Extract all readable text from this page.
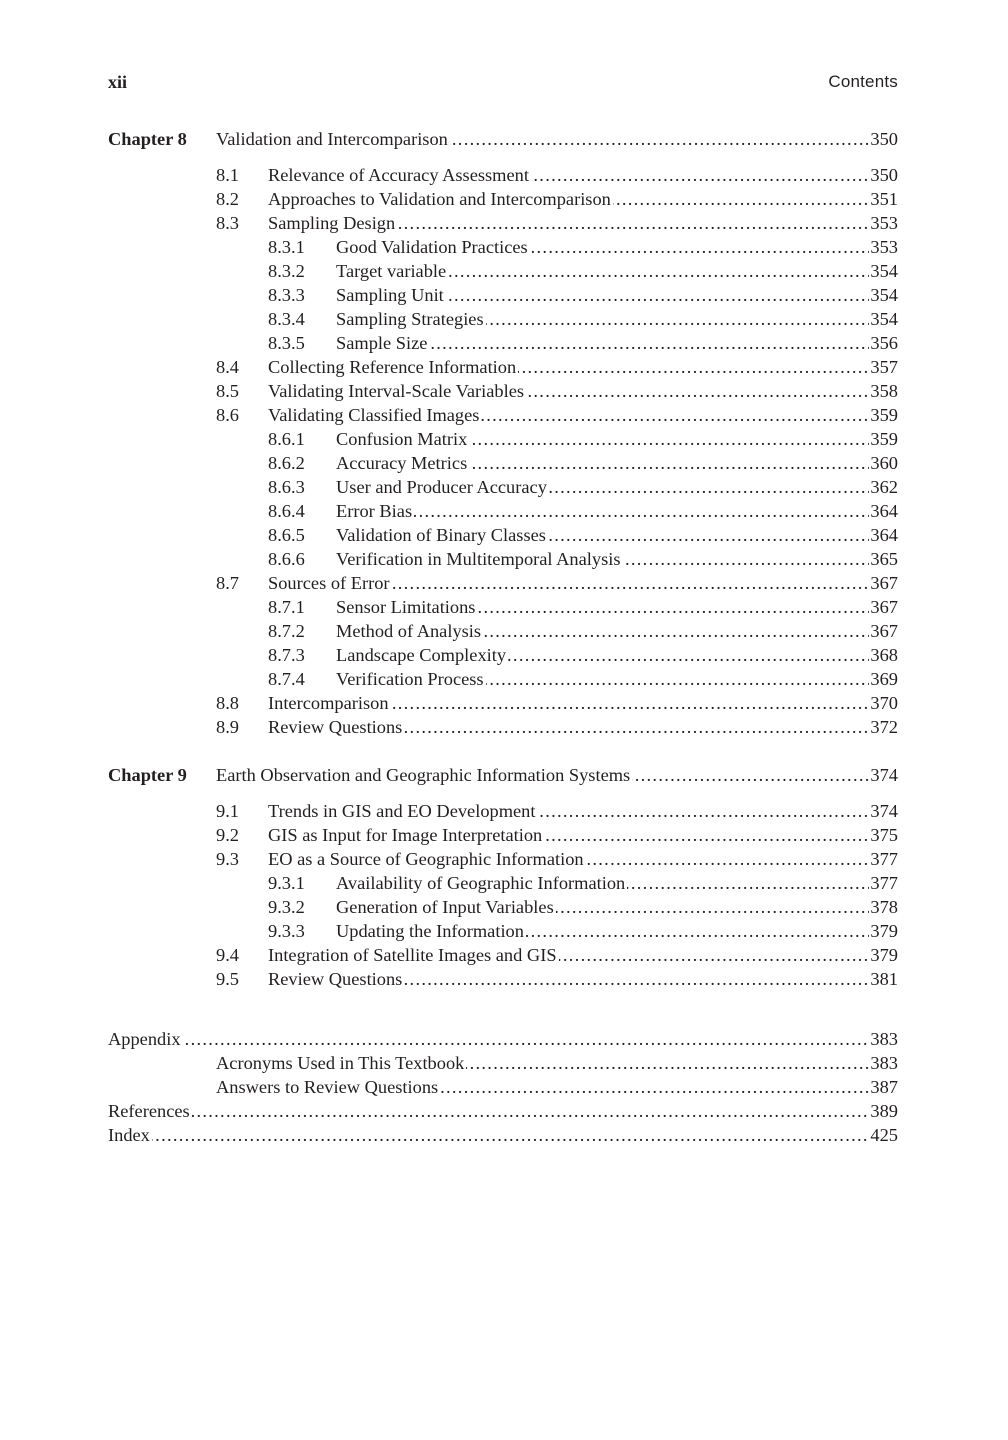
xii	Contents
Chapter 8 ..... Validation and Intercomparison	350
8.1 ..... Relevance of Accuracy Assessment	350
8.2 ..... Approaches to Validation and Intercomparison	351
8.3 ..... Sampling Design	353
8.3.1 ..... Good Validation Practices	353
8.3.2 ..... Target variable	354
8.3.3 ..... Sampling Unit	354
8.3.4 ..... Sampling Strategies	354
8.3.5 ..... Sample Size	356
8.4 ..... Collecting Reference Information	357
8.5 ..... Validating Interval-Scale Variables	358
8.6 ..... Validating Classified Images	359
8.6.1 ..... Confusion Matrix	359
8.6.2 ..... Accuracy Metrics	360
8.6.3 ..... User and Producer Accuracy	362
8.6.4 ..... Error Bias	364
8.6.5 ..... Validation of Binary Classes	364
8.6.6 ..... Verification in Multitemporal Analysis	365
8.7 ..... Sources of Error	367
8.7.1 ..... Sensor Limitations	367
8.7.2 ..... Method of Analysis	367
8.7.3 ..... Landscape Complexity	368
8.7.4 ..... Verification Process	369
8.8 ..... Intercomparison	370
8.9 ..... Review Questions	372
Chapter 9 ..... Earth Observation and Geographic Information Systems	374
9.1 ..... Trends in GIS and EO Development	374
9.2 ..... GIS as Input for Image Interpretation	375
9.3 ..... EO as a Source of Geographic Information	377
9.3.1 ..... Availability of Geographic Information	377
9.3.2 ..... Generation of Input Variables	378
9.3.3 ..... Updating the Information	379
9.4 ..... Integration of Satellite Images and GIS	379
9.5 ..... Review Questions	381
.....
Appendix	383
.....
Acronyms Used in This Textbook	383
.....
Answers to Review Questions	387
.....
References	389
.....
Index	425
